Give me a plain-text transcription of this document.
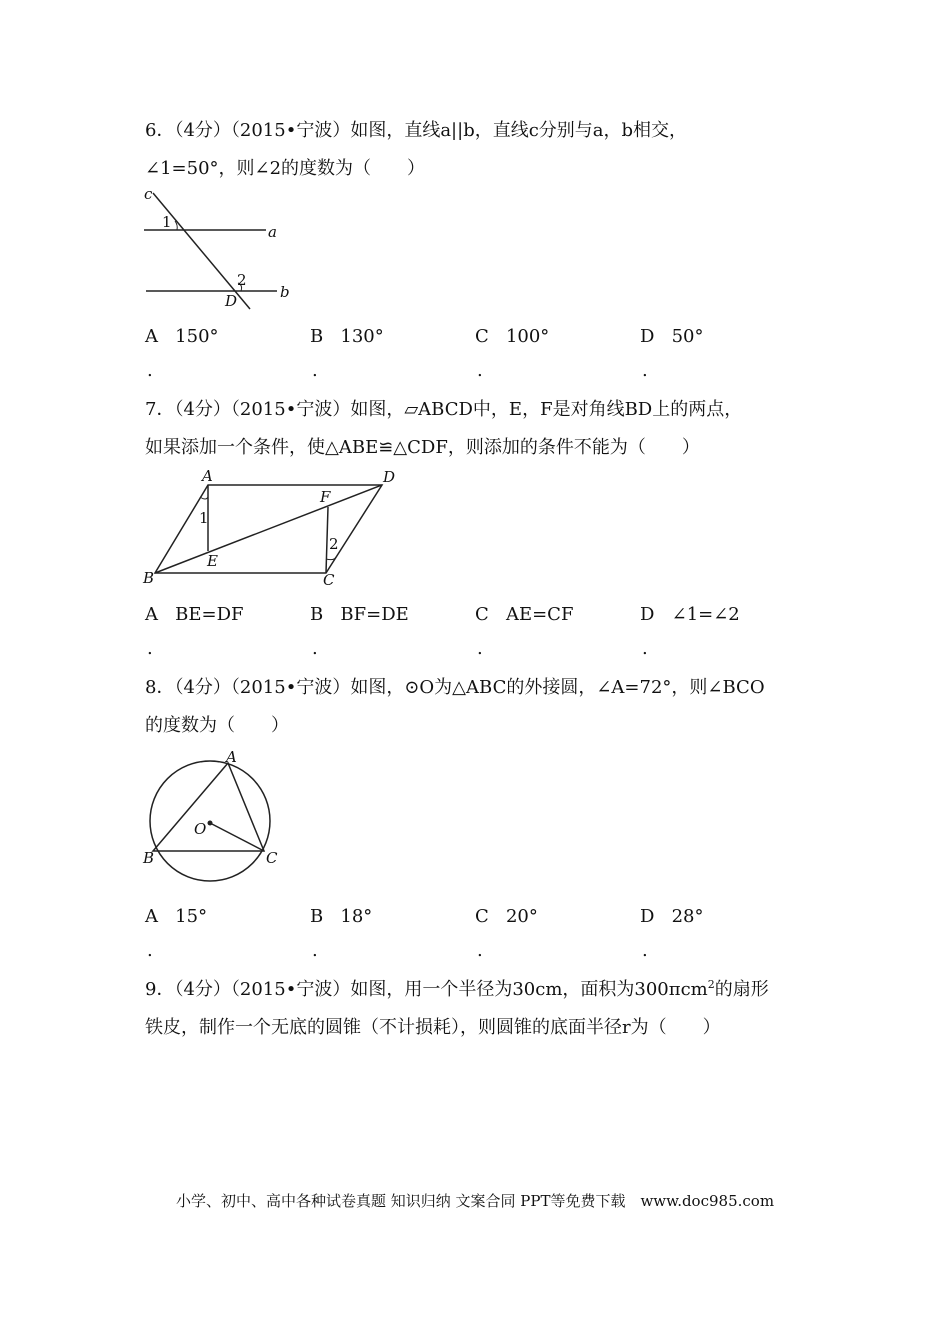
6．（4分）（2015•宁波）如图，直线a||b，直线c分别与a，b相交，
∠1=50°，则∠2的度数为（　　）
c
1
a
2
D	b
A 150°	B 130°	C 100°	D 50°
.	.	.	.
7．（4分）（2015•宁波）如图，▱ABCD中，E，F是对角线BD上的两点，
如果添加一个条件，使△ABE≌△CDF，则添加的条件不能为（　　）
A	D
F
1
2
E
B	C
A BE=DF	B BF=DE	C AE=CF	D ∠1=∠2
.	.	.	.
8．（4分）（2015•宁波）如图，⊙O为△ABC的外接圆，∠A=72°，则∠BCO
的度数为（　　）
A
O
B	C
A 15°	B 18°	C 20°	D 28°
.	.	.	.
9．（4分）（2015•宁波）如图，用一个半径为30cm，面积为300πcm$^2$的扇形
铁皮，制作一个无底的圆锥（不计损耗），则圆锥的底面半径r为（　　）
小学、初中、高中各种试卷真题 知识归纳 文案合同 PPT等免费下载　www.doc985.com
